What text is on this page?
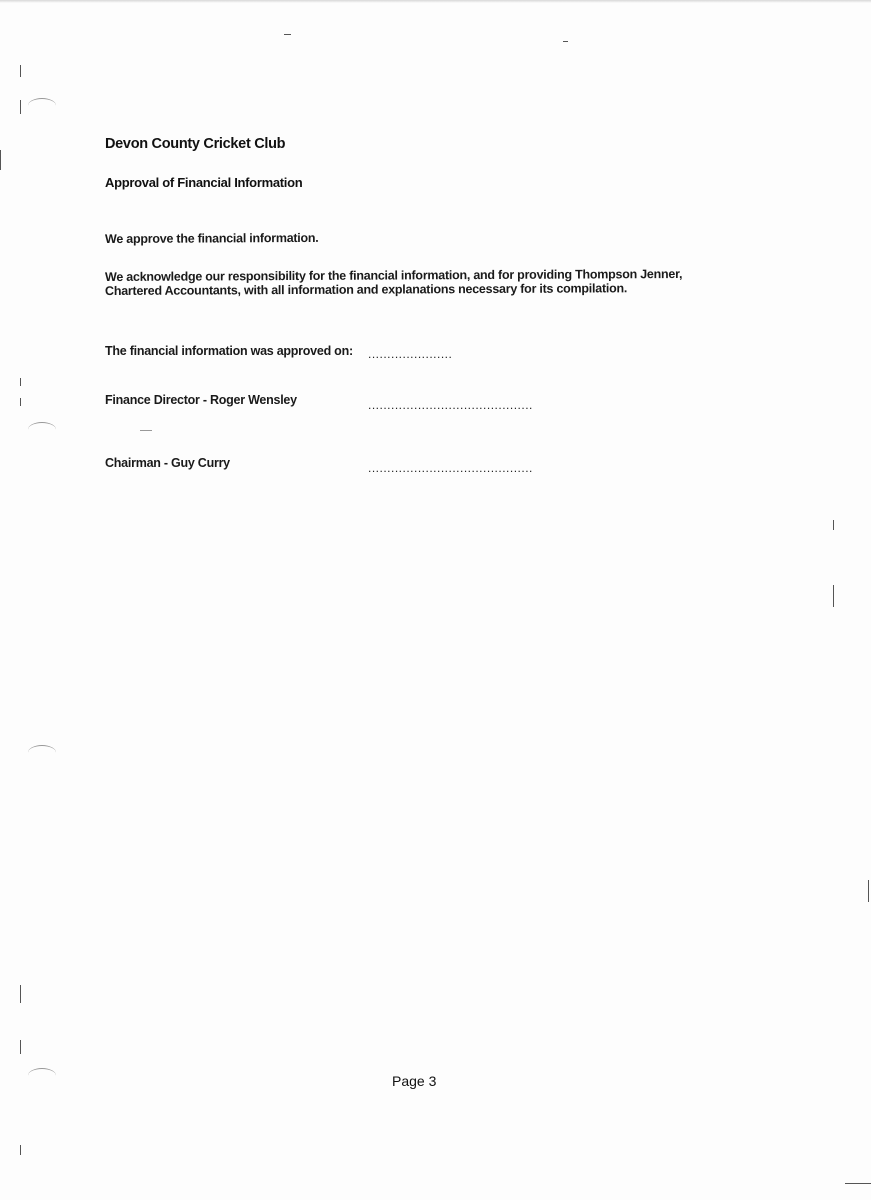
Devon County Cricket Club
Approval of Financial Information
We approve the financial information.
We acknowledge our responsibility for the financial information, and for providing Thompson Jenner,
Chartered Accountants, with all information and explanations necessary for its compilation.
The financial information was approved on: ......................
Finance Director - Roger Wensley	...........................................
Chairman - Guy Curry	...........................................
Page 3
